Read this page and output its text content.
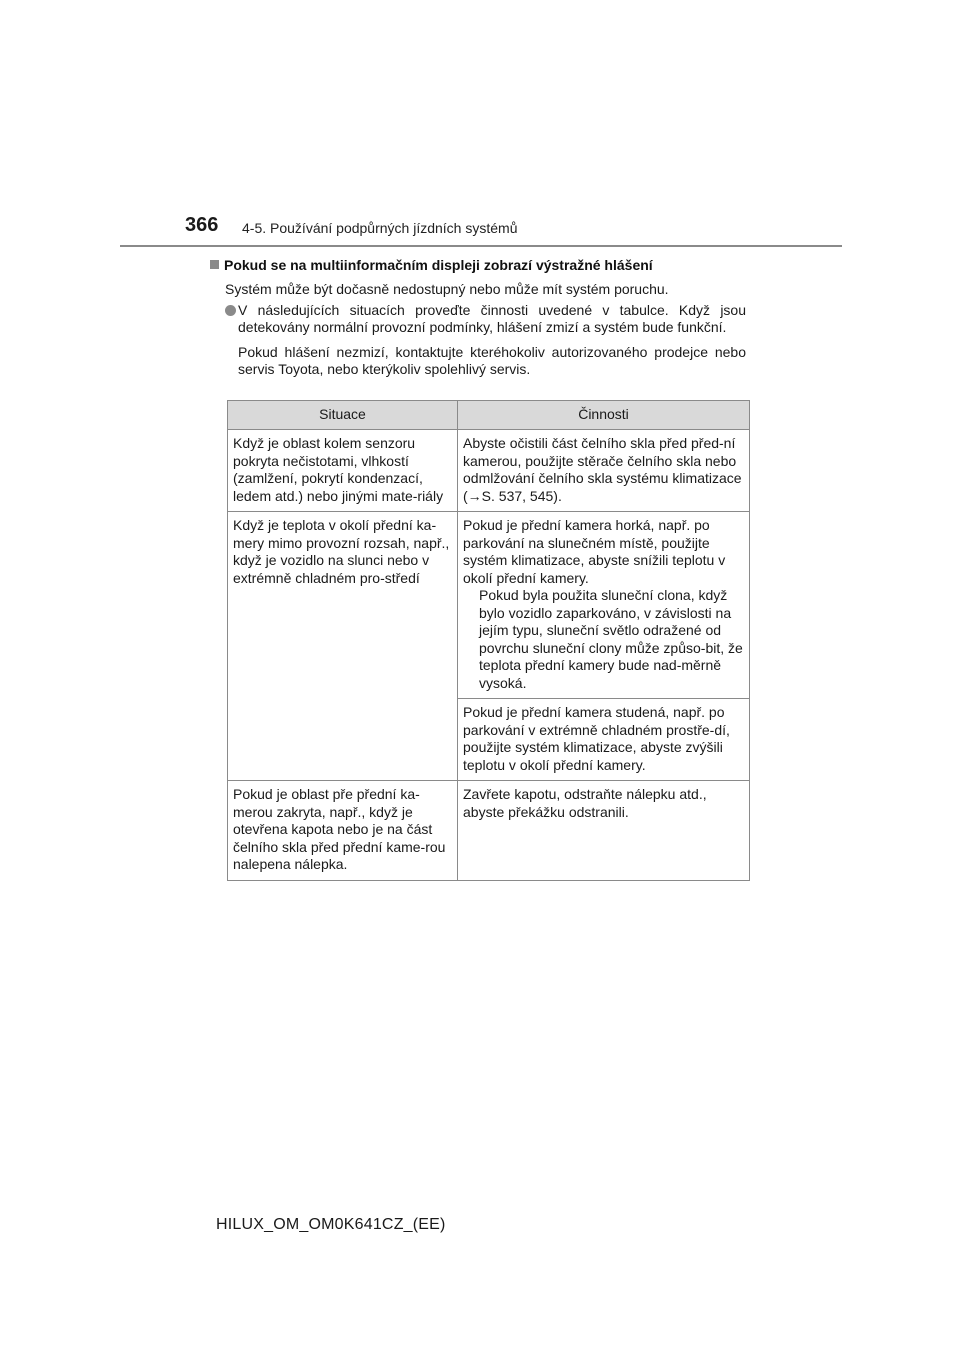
366 4-5. Používání podpůrných jízdních systémů
Pokud se na multiinformačním displeji zobrazí výstražné hlášení
Systém může být dočasně nedostupný nebo může mít systém poruchu.
V následujících situacích proveďte činnosti uvedené v tabulce. Když jsou detekovány normální provozní podmínky, hlášení zmizí a systém bude funkční.
Pokud hlášení nezmizí, kontaktujte kteréhokoliv autorizovaného prodejce nebo servis Toyota, nebo kterýkoliv spolehlivý servis.
Situace	Činnosti
Když je oblast kolem senzoru pokryta nečistotami, vlhkostí (zamlžení, pokrytí kondenzací, ledem atd.) nebo jinými mate-riály	Abyste očistili část čelního skla před před-ní kamerou, použijte stěrače čelního skla nebo odmlžování čelního skla systému klimatizace (→S. 537, 545).
Když je teplota v okolí přední ka-mery mimo provozní rozsah, např., když je vozidlo na slunci nebo v extrémně chladném pro-středí	Pokud je přední kamera horká, např. po parkování na slunečném místě, použijte systém klimatizace, abyste snížili teplotu v okolí přední kamery.
Pokud byla použita sluneční clona, když bylo vozidlo zaparkováno, v závislosti na jejím typu, sluneční světlo odražené od povrchu sluneční clony může způso-bit, že teplota přední kamery bude nad-měrně vysoká.

	Pokud je přední kamera studená, např. po parkování v extrémně chladném prostře-dí, použijte systém klimatizace, abyste zvýšili teplotu v okolí přední kamery.
Pokud je oblast pře přední ka-merou zakryta, např., když je otevřena kapota nebo je na část čelního skla před přední kame-rou nalepena nálepka.	Zavřete kapotu, odstraňte nálepku atd., abyste překážku odstranili.
HILUX_OM_OM0K641CZ_(EE)
